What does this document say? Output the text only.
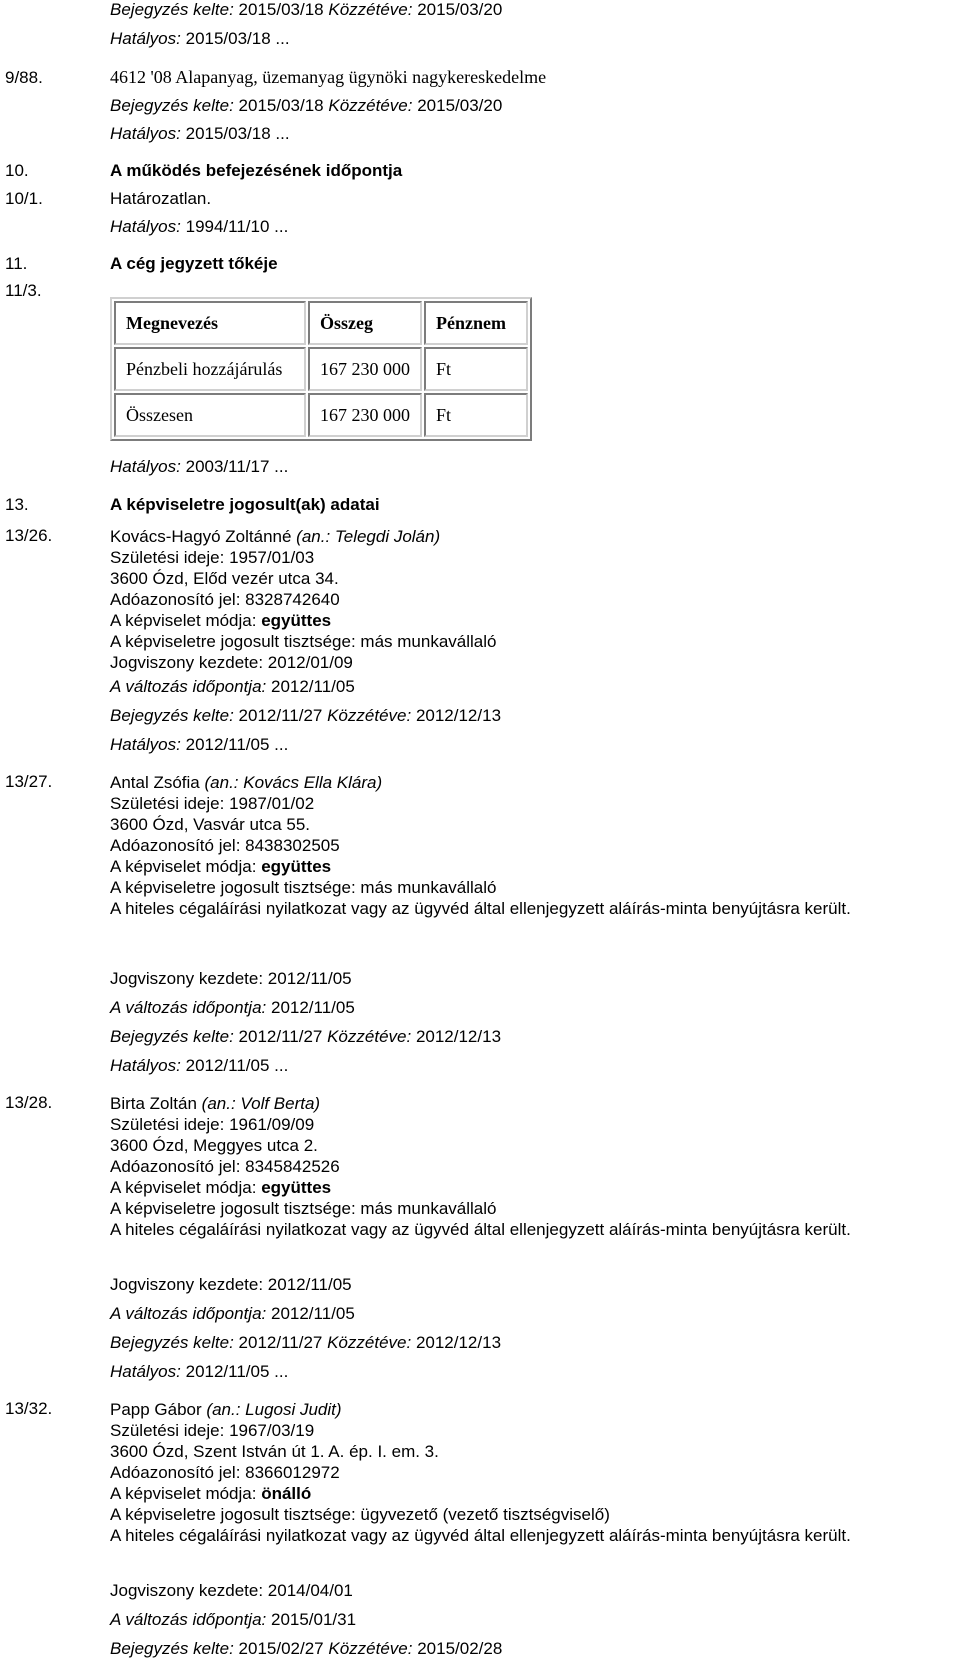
Bejegyzés kelte: 2015/03/18 Közzétéve: 2015/03/20
Hatályos: 2015/03/18 ...
9/88.	4612 '08 Alapanyag, üzemanyag ügynöki nagykereskedelme
Bejegyzés kelte: 2015/03/18 Közzétéve: 2015/03/20
Hatályos: 2015/03/18 ...
10.	A működés befejezésének időpontja
10/1.	Határozatlan.
Hatályos: 1994/11/10 ...
11.	A cég jegyzett tőkéje
11/3.
Megnevezés	Összeg	Pénznem
Pénzbeli hozzájárulás	167 230 000	Ft
Összesen	167 230 000	Ft
Hatályos: 2003/11/17 ...
13.	A képviseletre jogosult(ak) adatai
13/26.	Kovács-Hagyó Zoltánné (an.: Telegdi Jolán)
Születési ideje: 1957/01/03
3600 Ózd, Előd vezér utca 34.
Adóazonosító jel: 8328742640
A képviselet módja: együttes
A képviseletre jogosult tisztsége: más munkavállaló
Jogviszony kezdete: 2012/01/09
A változás időpontja: 2012/11/05
Bejegyzés kelte: 2012/11/27 Közzétéve: 2012/12/13
Hatályos: 2012/11/05 ...
13/27.	Antal Zsófia (an.: Kovács Ella Klára)
Születési ideje: 1987/01/02
3600 Ózd, Vasvár utca 55.
Adóazonosító jel: 8438302505
A képviselet módja: együttes
A képviseletre jogosult tisztsége: más munkavállaló
A hiteles cégaláírási nyilatkozat vagy az ügyvéd által ellenjegyzett aláírás-minta benyújtásra került.
Jogviszony kezdete: 2012/11/05
A változás időpontja: 2012/11/05
Bejegyzés kelte: 2012/11/27 Közzétéve: 2012/12/13
Hatályos: 2012/11/05 ...
13/28.	Birta Zoltán (an.: Volf Berta)
Születési ideje: 1961/09/09
3600 Ózd, Meggyes utca 2.
Adóazonosító jel: 8345842526
A képviselet módja: együttes
A képviseletre jogosult tisztsége: más munkavállaló
A hiteles cégaláírási nyilatkozat vagy az ügyvéd által ellenjegyzett aláírás-minta benyújtásra került.
Jogviszony kezdete: 2012/11/05
A változás időpontja: 2012/11/05
Bejegyzés kelte: 2012/11/27 Közzétéve: 2012/12/13
Hatályos: 2012/11/05 ...
13/32.	Papp Gábor (an.: Lugosi Judit)
Születési ideje: 1967/03/19
3600 Ózd, Szent István út 1. A. ép. I. em. 3.
Adóazonosító jel: 8366012972
A képviselet módja: önálló
A képviseletre jogosult tisztsége: ügyvezető (vezető tisztségviselő)
A hiteles cégaláírási nyilatkozat vagy az ügyvéd által ellenjegyzett aláírás-minta benyújtásra került.
Jogviszony kezdete: 2014/04/01
A változás időpontja: 2015/01/31
Bejegyzés kelte: 2015/02/27 Közzétéve: 2015/02/28
